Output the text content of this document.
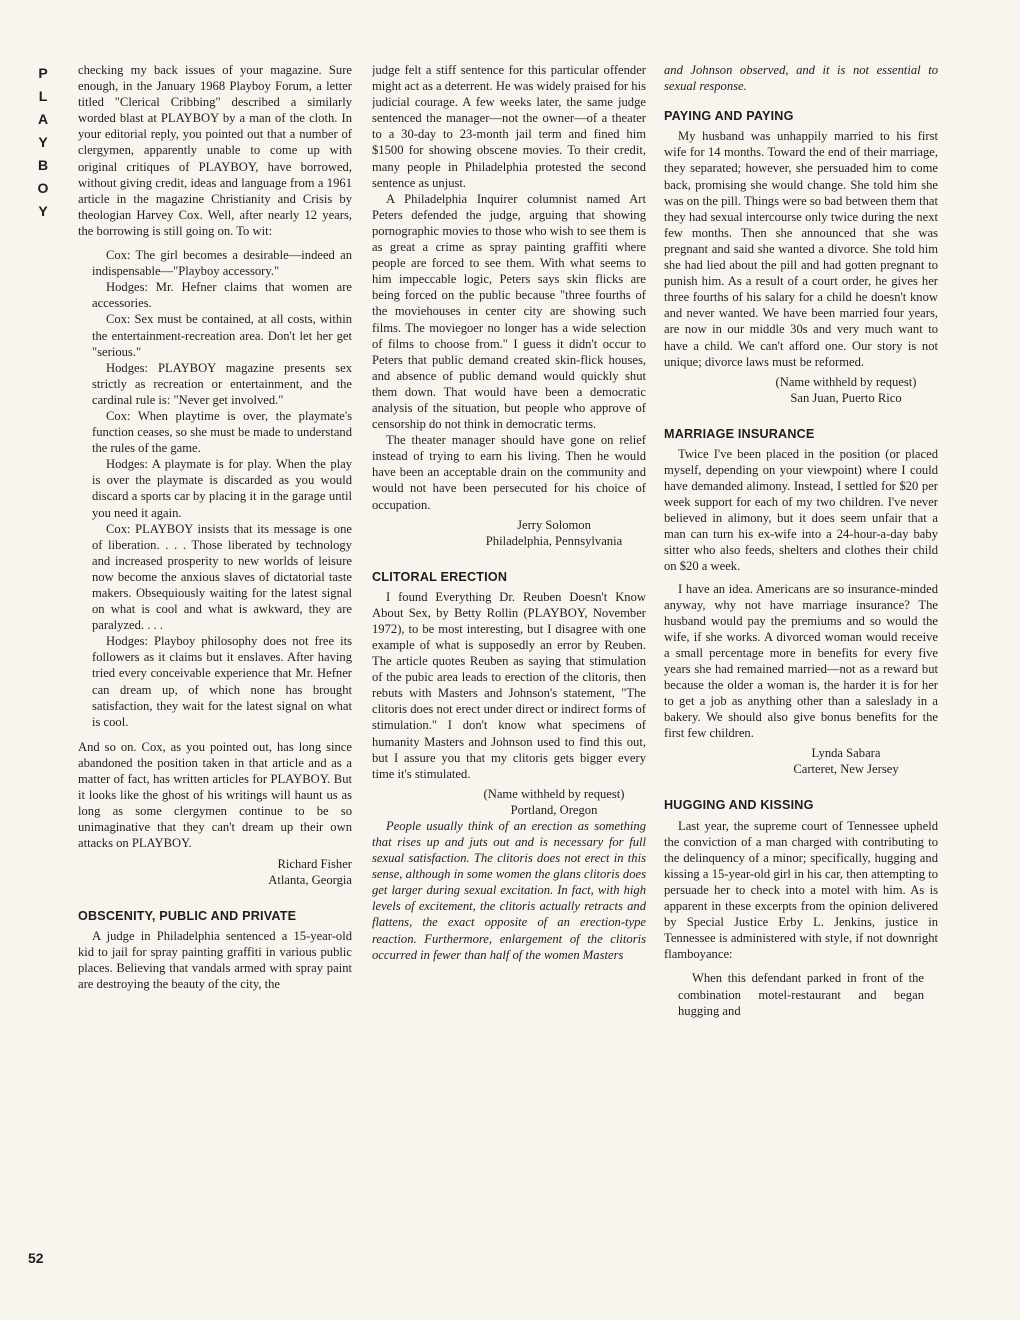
P
L
A
Y
B
O
Y
52

checking my back issues of your magazine. Sure enough, in the January 1968 Playboy Forum, a letter titled "Clerical Cribbing" described a similarly worded blast at PLAYBOY by a man of the cloth. In your editorial reply, you pointed out that a number of clergymen, apparently unable to come up with original critiques of PLAYBOY, have borrowed, without giving credit, ideas and language from a 1961 article in the magazine Christianity and Crisis by theologian Harvey Cox. Well, after nearly 12 years, the borrowing is still going on. To wit:

Cox: The girl becomes a desirable—indeed an indispensable—"Playboy accessory."

Hodges: Mr. Hefner claims that women are accessories.

Cox: Sex must be contained, at all costs, within the entertainment-recreation area. Don't let her get "serious."

Hodges: PLAYBOY magazine presents sex strictly as recreation or entertainment, and the cardinal rule is: "Never get involved."

Cox: When playtime is over, the playmate's function ceases, so she must be made to understand the rules of the game.

Hodges: A playmate is for play. When the play is over the playmate is discarded as you would discard a sports car by placing it in the garage until you need it again.

Cox: PLAYBOY insists that its message is one of liberation. . . . Those liberated by technology and increased prosperity to new worlds of leisure now become the anxious slaves of dictatorial taste makers. Obsequiously waiting for the latest signal on what is cool and what is awkward, they are paralyzed. . . .

Hodges: Playboy philosophy does not free its followers as it claims but it enslaves. After having tried every conceivable experience that Mr. Hefner can dream up, of which none has brought satisfaction, they wait for the latest signal on what is cool.

And so on. Cox, as you pointed out, has long since abandoned the position taken in that article and as a matter of fact, has written articles for PLAYBOY. But it looks like the ghost of his writings will haunt us as long as some clergymen continue to be so unimaginative that they can't dream up their own attacks on PLAYBOY.

Richard Fisher
Atlanta, Georgia
OBSCENITY, PUBLIC AND PRIVATE

A judge in Philadelphia sentenced a 15-year-old kid to jail for spray painting graffiti in various public places. Believing that vandals armed with spray paint are destroying the beauty of the city, the

judge felt a stiff sentence for this particular offender might act as a deterrent. He was widely praised for his judicial courage. A few weeks later, the same judge sentenced the manager—not the owner—of a theater to a 30-day to 23-month jail term and fined him $1500 for showing obscene movies. To their credit, many people in Philadelphia protested the second sentence as unjust.

A Philadelphia Inquirer columnist named Art Peters defended the judge, arguing that showing pornographic movies to those who wish to see them is as great a crime as spray painting graffiti where people are forced to see them. With what seems to him impeccable logic, Peters says skin flicks are being forced on the public because "three fourths of the moviehouses in center city are showing such films. The moviegoer no longer has a wide selection of films to choose from." I guess it didn't occur to Peters that public demand created skin-flick houses, and absence of public demand would quickly shut them down. That would have been a democratic analysis of the situation, but people who approve of censorship do not think in democratic terms.

The theater manager should have gone on relief instead of trying to earn his living. Then he would have been an acceptable drain on the community and would not have been persecuted for his choice of occupation.

Jerry Solomon
Philadelphia, Pennsylvania
CLITORAL ERECTION

I found Everything Dr. Reuben Doesn't Know About Sex, by Betty Rollin (PLAYBOY, November 1972), to be most interesting, but I disagree with one example of what is supposedly an error by Reuben. The article quotes Reuben as saying that stimulation of the pubic area leads to erection of the clitoris, then rebuts with Masters and Johnson's statement, "The clitoris does not erect under direct or indirect forms of stimulation." I don't know what specimens of humanity Masters and Johnson used to find this out, but I assure you that my clitoris gets bigger every time it's stimulated.

(Name withheld by request)
Portland, Oregon

People usually think of an erection as something that rises up and juts out and is necessary for full sexual satisfaction. The clitoris does not erect in this sense, although in some women the glans clitoris does get larger during sexual excitation. In fact, with high levels of excitement, the clitoris actually retracts and flattens, the exact opposite of an erection-type reaction. Furthermore, enlargement of the clitoris occurred in fewer than half of the women Masters

and Johnson observed, and it is not essential to sexual response.

PAYING AND PAYING

My husband was unhappily married to his first wife for 14 months. Toward the end of their marriage, they separated; however, she persuaded him to come back, promising she would change. She told him she was on the pill. Things were so bad between them that they had sexual intercourse only twice during the next few months. Then she announced that she was pregnant and said she wanted a divorce. She told him she had lied about the pill and had gotten pregnant to punish him. As a result of a court order, he gives her three fourths of his salary for a child he doesn't know and never wanted. We have been married four years, are now in our middle 30s and very much want to have a child. We can't afford one. Our story is not unique; divorce laws must be reformed.

(Name withheld by request)
San Juan, Puerto Rico
MARRIAGE INSURANCE

Twice I've been placed in the position (or placed myself, depending on your viewpoint) where I could have demanded alimony. Instead, I settled for $20 per week support for each of my two children. I've never believed in alimony, but it does seem unfair that a man can turn his ex-wife into a 24-hour-a-day baby sitter who also feeds, shelters and clothes their child on $20 a week.

I have an idea. Americans are so insurance-minded anyway, why not have marriage insurance? The husband would pay the premiums and so would the wife, if she works. A divorced woman would receive a small percentage more in benefits for every five years she had remained married—not as a reward but because the older a woman is, the harder it is for her to get a job as anything other than a saleslady in a bakery. We should also give bonus benefits for the first few children.

Lynda Sabara
Carteret, New Jersey
HUGGING AND KISSING

Last year, the supreme court of Tennessee upheld the conviction of a man charged with contributing to the delinquency of a minor; specifically, hugging and kissing a 15-year-old girl in his car, then attempting to persuade her to check into a motel with him. As is apparent in these excerpts from the opinion delivered by Special Justice Erby L. Jenkins, justice in Tennessee is administered with style, if not downright flamboyance:

When this defendant parked in front of the combination motel-restaurant and began hugging and
